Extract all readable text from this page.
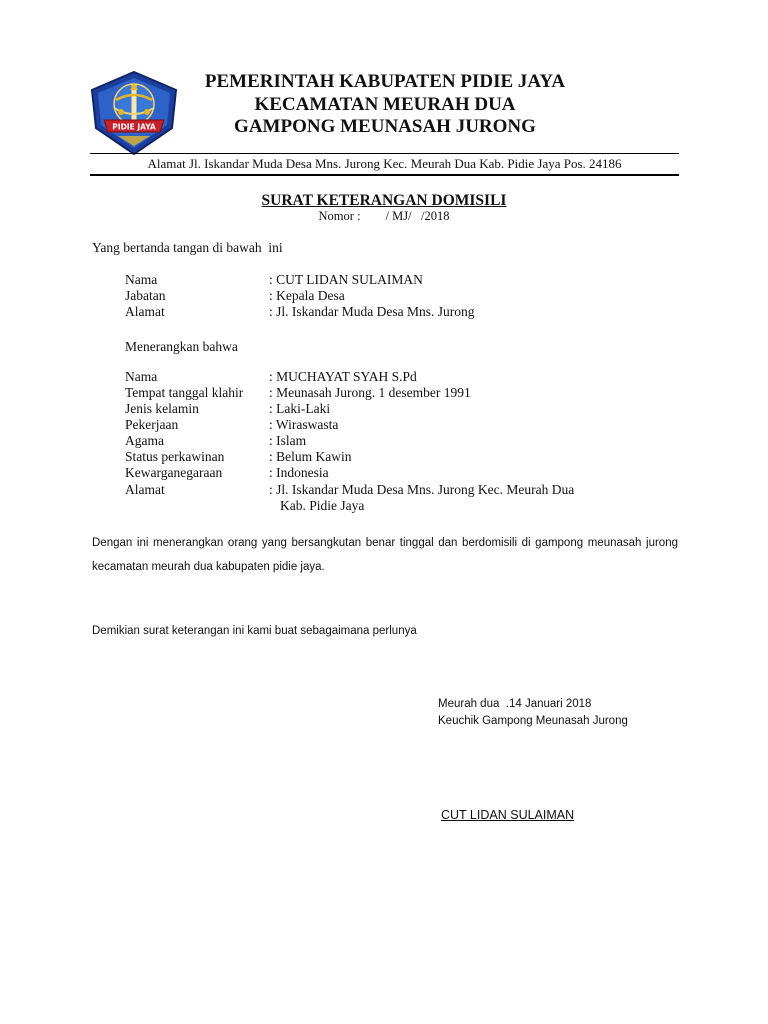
PIDIE JAYA
PEMERINTAH KABUPATEN PIDIE JAYA
KECAMATAN MEURAH DUA
GAMPONG MEUNASAH JURONG
Alamat Jl. Iskandar Muda Desa Mns. Jurong Kec. Meurah Dua Kab. Pidie Jaya Pos. 24186
SURAT KETERANGAN DOMISILI
Nomor :        / MJ/   /2018
Yang bertanda tangan di bawah  ini
Nama	: CUT LIDAN SULAIMAN
Jabatan	: Kepala Desa
Alamat	: Jl. Iskandar Muda Desa Mns. Jurong
Menerangkan bahwa
Nama	: MUCHAYAT SYAH S.Pd
Tempat tanggal klahir : Meunasah Jurong. 1 desember 1991
Jenis kelamin	: Laki-Laki
Pekerjaan	: Wiraswasta
Agama	: Islam
Status perkawinan	: Belum Kawin
Kewarganegaraan	: Indonesia
Alamat	: Jl. Iskandar Muda Desa Mns. Jurong Kec. Meurah Dua
Kab. Pidie Jaya
Dengan ini menerangkan orang yang bersangkutan benar tinggal dan berdomisili di gampong meunasah jurong kecamatan meurah dua kabupaten pidie jaya.
Demikian surat keterangan ini kami buat sebagaimana perlunya
Meurah dua  .14 Januari 2018
Keuchik Gampong Meunasah Jurong
CUT LIDAN SULAIMAN
